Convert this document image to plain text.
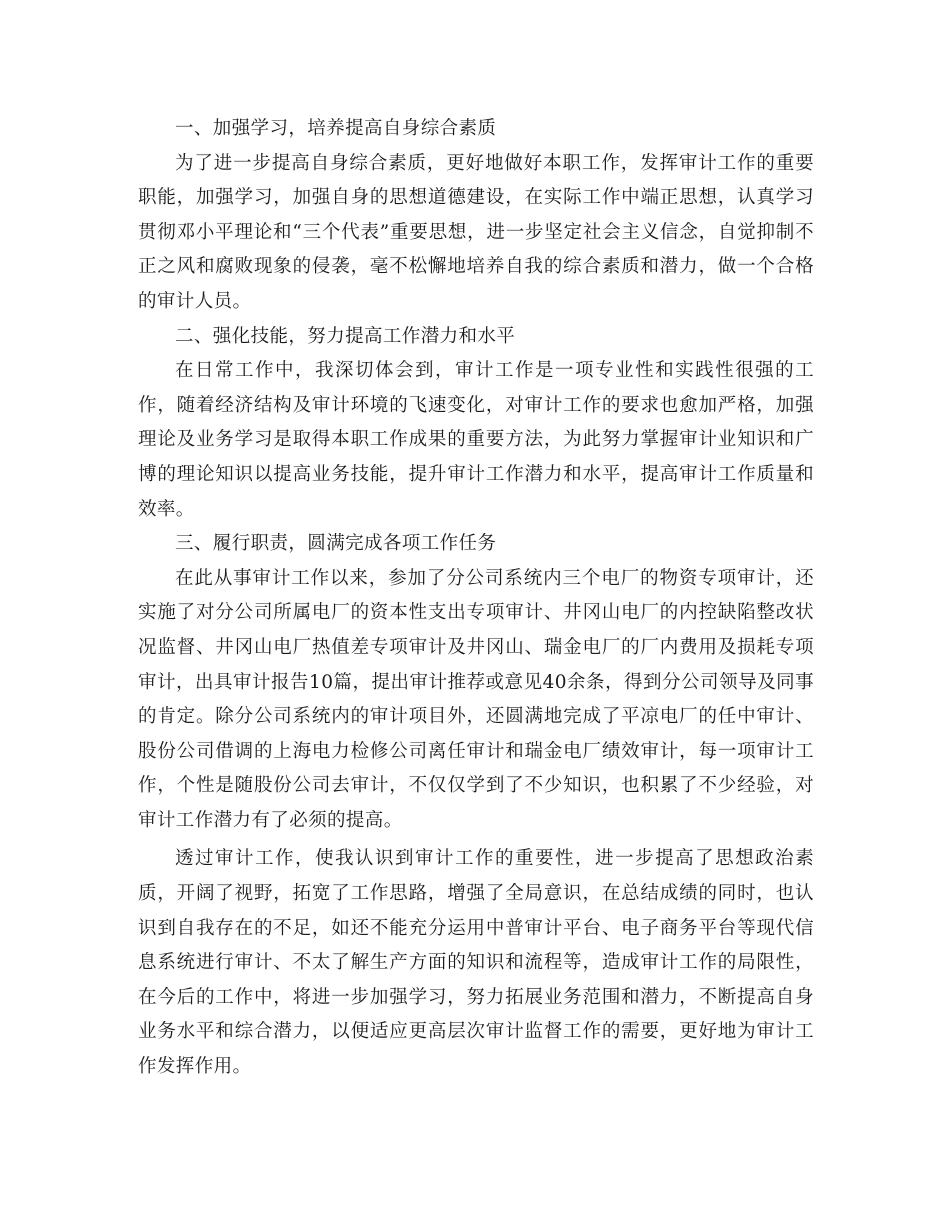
一、加强学习，培养提高自身综合素质

为了进一步提高自身综合素质，更好地做好本职工作，发挥审计工作的重要职能，加强学习，加强自身的思想道德建设，在实际工作中端正思想，认真学习贯彻邓小平理论和“三个代表”重要思想，进一步坚定社会主义信念，自觉抑制不正之风和腐败现象的侵袭，毫不松懈地培养自我的综合素质和潜力，做一个合格的审计人员。

二、强化技能，努力提高工作潜力和水平

在日常工作中，我深切体会到，审计工作是一项专业性和实践性很强的工作，随着经济结构及审计环境的飞速变化，对审计工作的要求也愈加严格，加强理论及业务学习是取得本职工作成果的重要方法，为此努力掌握审计业知识和广博的理论知识以提高业务技能，提升审计工作潜力和水平，提高审计工作质量和效率。

三、履行职责，圆满完成各项工作任务

在此从事审计工作以来，参加了分公司系统内三个电厂的物资专项审计，还实施了对分公司所属电厂的资本性支出专项审计、井冈山电厂的内控缺陷整改状况监督、井冈山电厂热值差专项审计及井冈山、瑞金电厂的厂内费用及损耗专项审计，出具审计报告10篇，提出审计推荐或意见40余条，得到分公司领导及同事的肯定。除分公司系统内的审计项目外，还圆满地完成了平凉电厂的任中审计、股份公司借调的上海电力检修公司离任审计和瑞金电厂绩效审计，每一项审计工作，个性是随股份公司去审计，不仅仅学到了不少知识，也积累了不少经验，对审计工作潜力有了必须的提高。

透过审计工作，使我认识到审计工作的重要性，进一步提高了思想政治素质，开阔了视野，拓宽了工作思路，增强了全局意识，在总结成绩的同时，也认识到自我存在的不足，如还不能充分运用中普审计平台、电子商务平台等现代信息系统进行审计、不太了解生产方面的知识和流程等，造成审计工作的局限性，在今后的工作中，将进一步加强学习，努力拓展业务范围和潜力，不断提高自身业务水平和综合潜力，以便适应更高层次审计监督工作的需要，更好地为审计工作发挥作用。
